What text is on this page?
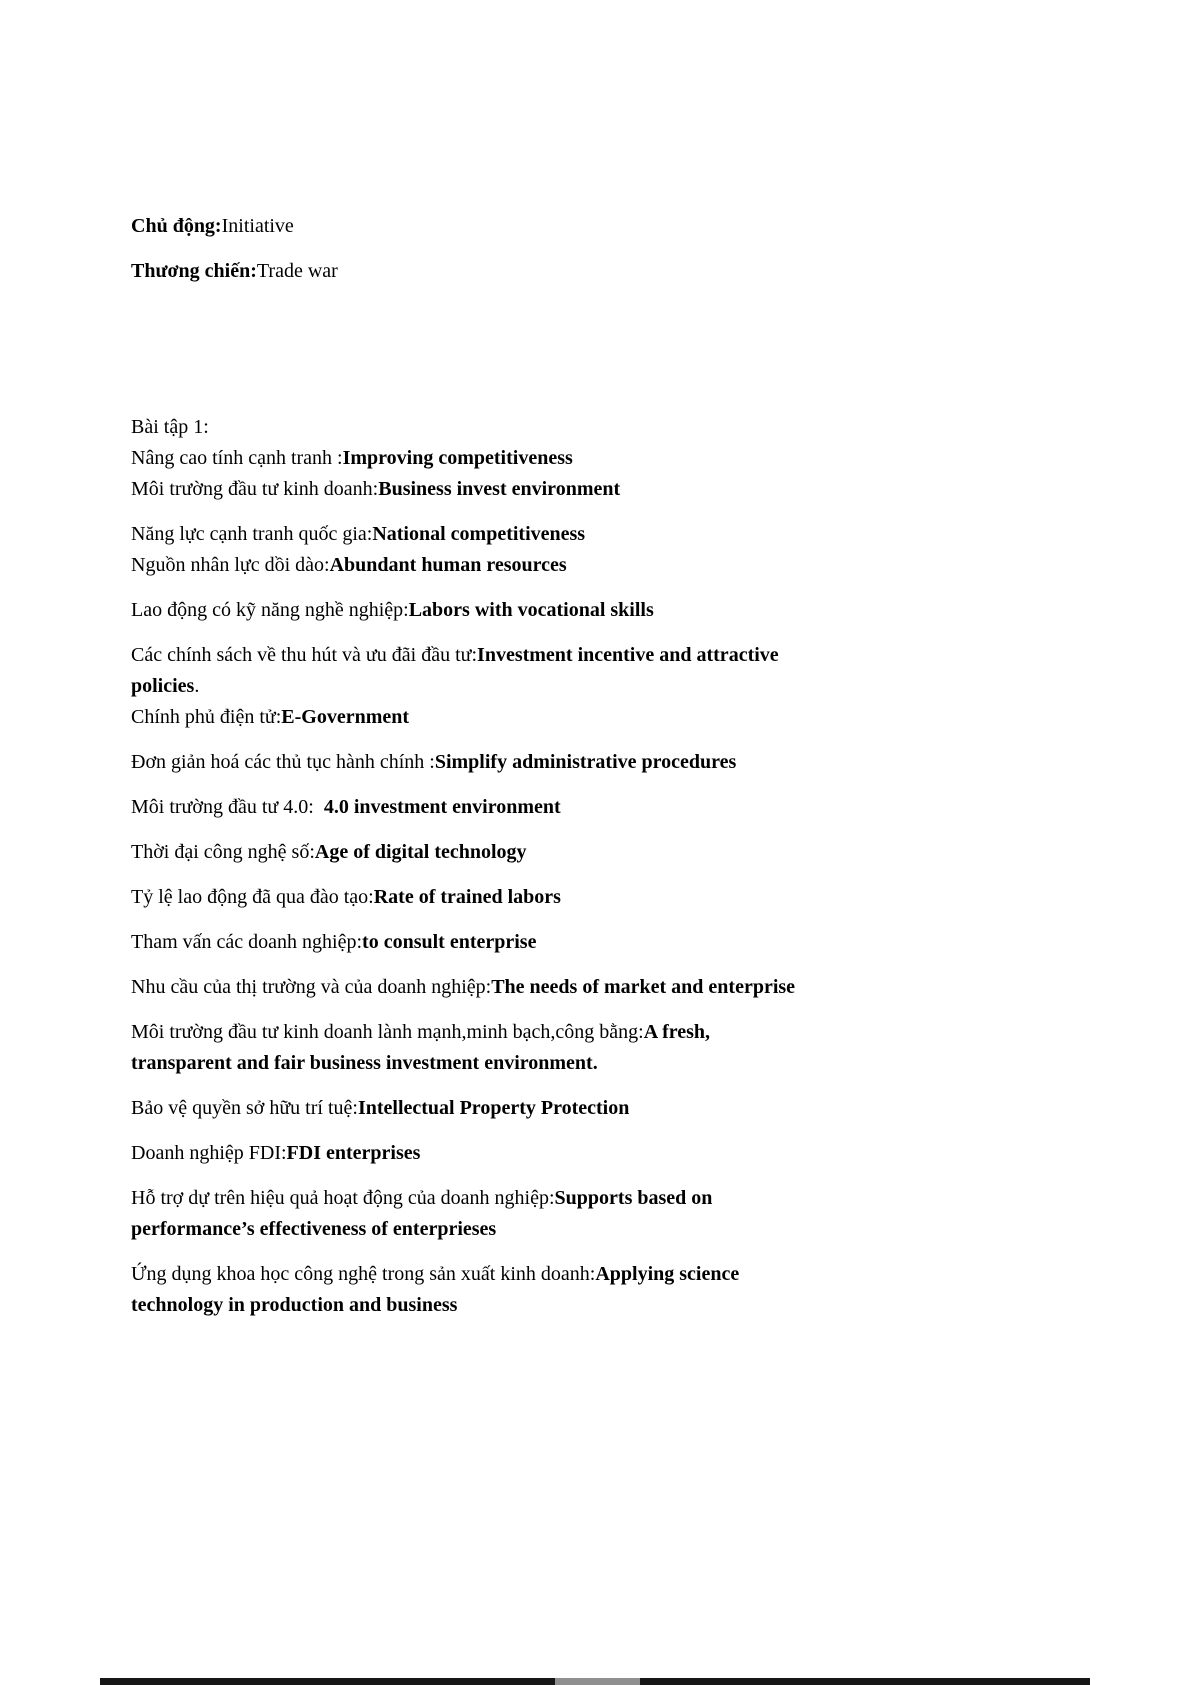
Chủ động:Initiative

Thương chiến:Trade war

Bài tập 1:
Nâng cao tính cạnh tranh :Improving competitiveness
Môi trường đầu tư kinh doanh:Business invest environment

Năng lực cạnh tranh quốc gia:National competitiveness
Nguồn nhân lực dồi dào:Abundant human resources

Lao động có kỹ năng nghề nghiệp:Labors with vocational skills

Các chính sách về thu hút và ưu đãi đầu tư:Investment incentive and attractive
policies.
Chính phủ điện tử:E-Government

Đơn giản hoá các thủ tục hành chính :Simplify administrative procedures

Môi trường đầu tư 4.0:  4.0 investment environment

Thời đại công nghệ số:Age of digital technology

Tỷ lệ lao động đã qua đào tạo:Rate of trained labors

Tham vấn các doanh nghiệp:to consult enterprise

Nhu cầu của thị trường và của doanh nghiệp:The needs of market and enterprise

Môi trường đầu tư kinh doanh lành mạnh,minh bạch,công bằng:A fresh,
transparent and fair business investment environment.

Bảo vệ quyền sở hữu trí tuệ:Intellectual Property Protection

Doanh nghiệp FDI:FDI enterprises

Hỗ trợ dự trên hiệu quả hoạt động của doanh nghiệp:Supports based on
performance’s effectiveness of enterprieses

Ứng dụng khoa học công nghệ trong sản xuất kinh doanh:Applying science
technology in production and business
